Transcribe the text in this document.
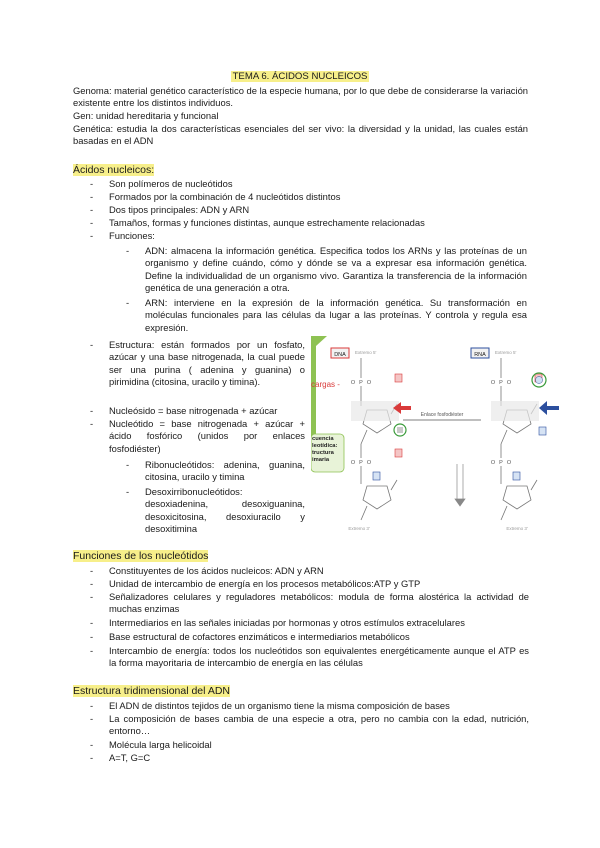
TEMA 6. ÁCIDOS NUCLEICOS
Genoma: material genético característico de la especie humana, por lo que debe de considerarse la variación existente entre los distintos individuos.
Gen: unidad hereditaria y funcional
Genética: estudia la dos características esenciales del ser vivo: la diversidad y la unidad, las cuales están basadas en el ADN
Ácidos nucleicos:
- Son polímeros de nucleótidos
- Formados por la combinación de 4 nucleótidos distintos
- Dos tipos principales: ADN y ARN
- Tamaños, formas y funciones distintas, aunque estrechamente relacionadas
- Funciones:
- ADN: almacena la información genética. Especifica todos los ARNs y las proteínas de un organismo y define cuándo, cómo y dónde se va a expresar esa información genética. Define la individualidad de un organismo vivo. Garantiza la transferencia de la información genética de una generación a otra.
- ARN: interviene en la expresión de la información genética. Su transformación en moléculas funcionales para las células da lugar a las proteínas. Y controla y regula esa expresión.
- Estructura: están formados por un fosfato, azúcar y una base nitrogenada, la cual puede ser una purina ( adenina y guanina) o pirimidina (citosina, uracilo y timina).
- Nucleósido = base nitrogenada + azúcar
- Nucleótido = base nitrogenada + azúcar + ácido fosfórico (unidos por enlaces fosfodiéster)
- Ribonucleótidos: adenina, guanina, citosina, uracilo y timina
- Desoxirribonucleótidos: desoxiadenina, desoxiguanina, desoxicitosina, desoxiuracilo y desoxitimina
DNA Extremo 5'
cargas -	P
O O
P
O O
cuencia leotídica: tructura imaria
Enlace fosfodiéster
Extremo 3'
RNA Extremo 5'
P
O O
P
O O
Extremo 3'
Funciones de los nucleótidos
- Constituyentes de los ácidos nucleicos: ADN y ARN
- Unidad de intercambio de energía en los procesos metabólicos:ATP y GTP
- Señalizadores celulares y reguladores metabólicos: modula de forma alostérica la actividad de muchas enzimas
- Intermediarios en las señales iniciadas por hormonas y otros estímulos extracelulares
- Base estructural de cofactores enzimáticos e intermediarios metabólicos
- Intercambio de energía: todos los nucleótidos son equivalentes energéticamente aunque el ATP es la forma mayoritaria de intercambio de energía en las células
Estructura tridimensional del ADN
- El ADN de distintos tejidos de un organismo tiene la misma composición de bases
- La composición de bases cambia de una especie a otra, pero no cambia con la edad, nutrición, entorno…
- Molécula larga helicoidal
- A=T, G=C
